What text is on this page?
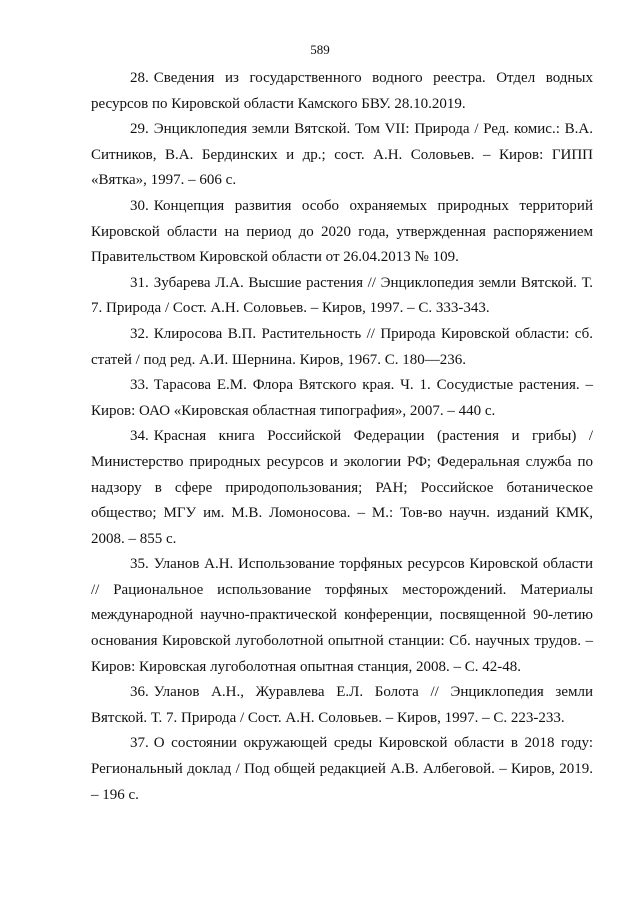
589

28. Сведения из государственного водного реестра. Отдел водных ресурсов по Кировской области Камского БВУ. 28.10.2019.

29. Энциклопедия земли Вятской. Том VII: Природа / Ред. комис.: В.А. Ситников, В.А. Бердинских и др.; сост. А.Н. Соловьев. – Киров: ГИПП «Вятка», 1997. – 606 с.

30. Концепция развития особо охраняемых природных территорий Кировской области на период до 2020 года, утвержденная распоряжением Правительством Кировской области от 26.04.2013 № 109.

31. Зубарева Л.А. Высшие растения // Энциклопедия земли Вятской. Т. 7. Природа / Сост. А.Н. Соловьев. – Киров, 1997. – С. 333-343.

32. Клиросова В.П. Растительность // Природа Кировской области: сб. статей / под ред. А.И. Шернина. Киров, 1967. С. 180—236.

33. Тарасова Е.М. Флора Вятского края. Ч. 1. Сосудистые растения. – Киров: ОАО «Кировская областная типография», 2007. – 440 с.

34. Красная книга Российской Федерации (растения и грибы) / Министерство природных ресурсов и экологии РФ; Федеральная служба по надзору в сфере природопользования; РАН; Российское ботаническое общество; МГУ им. М.В. Ломоносова. – М.: Тов-во научн. изданий КМК, 2008. – 855 с.

35. Уланов А.Н. Использование торфяных ресурсов Кировской области // Рациональное использование торфяных месторождений. Материалы международной научно-практической конференции, посвященной 90-летию основания Кировской лугоболотной опытной станции: Сб. научных трудов. – Киров: Кировская лугоболотная опытная станция, 2008. – С. 42-48.

36. Уланов А.Н., Журавлева Е.Л. Болота // Энциклопедия земли Вятской. Т. 7. Природа / Сост. А.Н. Соловьев. – Киров, 1997. – С. 223-233.

37. О состоянии окружающей среды Кировской области в 2018 году: Региональный доклад / Под общей редакцией А.В. Албеговой. – Киров, 2019. – 196 с.
